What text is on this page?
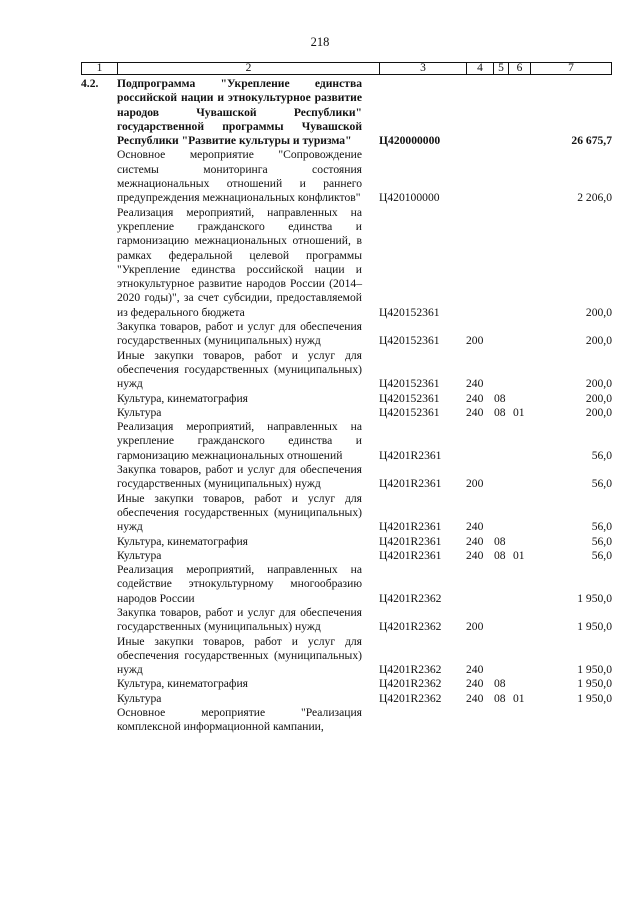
218
1	2	3	4	5	6	7
4.2.	Подпрограмма "Укрепление единства российской нации и этнокультурное развитие народов Чувашской Республики" государственной программы Чувашской Республики "Развитие культуры и туризма"	Ц420000000	26 675,7
Основное мероприятие "Сопровождение системы мониторинга состояния межнациональных отношений и раннего предупреждения межнациональных конфликтов" Ц420100000	2 206,0
Реализация мероприятий, направленных на укрепление гражданского единства и гармонизацию межнациональных отношений, в рамках федеральной целевой программы "Укрепление единства российской нации и этнокультурное развитие народов России (2014–2020 годы)", за счет субсидии, предоставляемой из федерального бюджета	Ц420152361	200,0
Закупка товаров, работ и услуг для обеспечения государственных (муниципальных) нужд	Ц420152361	200	200,0
Иные закупки товаров, работ и услуг для обеспечения государственных (муниципальных) нужд	Ц420152361	240	200,0
Культура, кинематография	Ц420152361	240 08	200,0
Культура	Ц420152361	240 08 01	200,0
Реализация мероприятий, направленных на укрепление гражданского единства и гармонизацию межнациональных отношений	Ц4201R2361	56,0
Закупка товаров, работ и услуг для обеспечения государственных (муниципальных) нужд	Ц4201R2361	200	56,0
Иные закупки товаров, работ и услуг для обеспечения государственных (муниципальных) нужд	Ц4201R2361	240	56,0
Культура, кинематография	Ц4201R2361	240 08	56,0
Культура	Ц4201R2361	240 08 01	56,0
Реализация мероприятий, направленных на содействие этнокультурному многообразию народов России	Ц4201R2362	1 950,0
Закупка товаров, работ и услуг для обеспечения государственных (муниципальных) нужд	Ц4201R2362	200	1 950,0
Иные закупки товаров, работ и услуг для обеспечения государственных (муниципальных) нужд	Ц4201R2362	240	1 950,0
Культура, кинематография	Ц4201R2362	240 08	1 950,0
Культура	Ц4201R2362	240 08 01	1 950,0
Основное мероприятие "Реализация комплексной информационной кампании,
